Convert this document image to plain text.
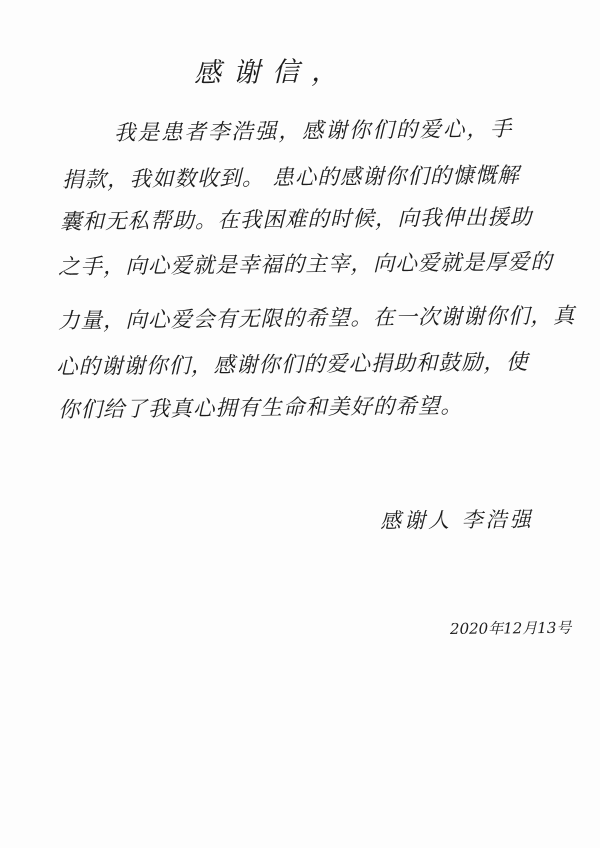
感谢信，
我是患者李浩强，感谢你们的爱心，手
捐款，我如数收到。 患心的感谢你们的慷慨解
囊和无私帮助。在我困难的时候，向我伸出援助
之手，向心爱就是幸福的主宰，向心爱就是厚爱的
力量，向心爱会有无限的希望。在一次谢谢你们，真
心的谢谢你们，感谢你们的爱心捐助和鼓励，使
你们给了我真心拥有生命和美好的希望。
感谢人 李浩强
2020年12月13号
